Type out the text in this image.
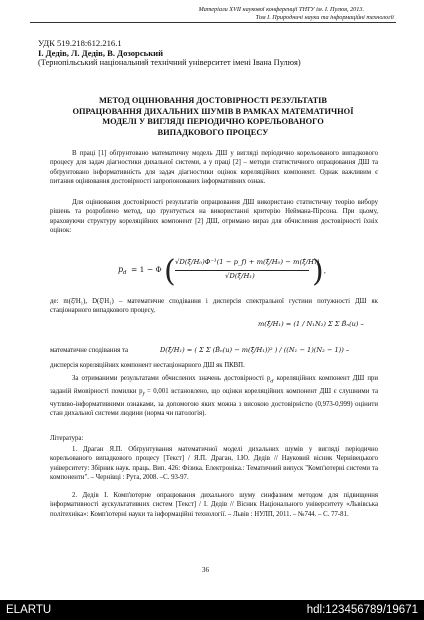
Матеріали XVII наукової конференції ТНТУ ім. І. Пулюя, 2013.
Том I. Природничі науки та інформаційні технології
УДК 519.218:612.216.1
І. Дедів, Л. Дедів, В. Дозорський
(Тернопільський національний технічний університет імені Івана Пулюя)
МЕТОД ОЦІНЮВАННЯ ДОСТОВІРНОСТІ РЕЗУЛЬТАТІВ ОПРАЦЮВАННЯ ДИХАЛЬНИХ ШУМІВ В РАМКАХ МАТЕМАТИЧНОЇ МОДЕЛІ У ВИГЛЯДІ ПЕРІОДИЧНО КОРЕЛЬОВАНОГО ВИПАДКОВОГО ПРОЦЕСУ
В праці [1] обґрунтовано математичну модель ДШ у вигляді періодично корельованого випадкового процесу для задач діагностики дихальної системи, а у праці [2] – методи статистичного опрацювання ДШ та обґрунтовано інформативність для задач діагностики оцінок кореляційних компонент. Однак важливим є питання оцінювання достовірності запропонованих інформативних ознак.
Для оцінювання достовірності результатів опрацювання ДШ використано статистичну теорію вибору рішень та розроблено метод, що ґрунтується на використанні критерію Неймана-Пірсона. При цьому, враховуючи структуру кореляційних компонент [2] ДШ, отримано вираз для обчислення достовірності їхніх оцінок:
p d = 1 − Φ ( √D(ξ̂/H₀)Φ⁻¹(1 − p_f) + m(ξ̂/H₀) − m(ξ̂/H₁)
√D(ξ̂/H₁) ) ,
де: m(ξ̂/H₁), D(ξ̂/H₁) – математичне сподівання і дисперсія спектральної густини потужності ДШ як стаціонарного випадкового процесу,
m(ξ̂/H₁) = (1 / N₁N₂) Σ Σ B̂ₙ(u) –
математичне сподівання та	D(ξ̂/H₁) = ( Σ Σ (B̂ₙ(u) − m(ξ̂/H₁))² ) / ((N₁ − 1)(N₂ − 1)) –
дисперсія кореляційних компонент нестаціонарного ДШ як ПКВП.
За отриманими результатами обчислених значень достовірності $p_d$ кореляційних компонент ДШ при заданій ймовірності помилки $p_f = 0,001$ встановлено, що оцінки кореляційних компонент ДШ є слушними та чутливо-інформативними ознаками, за допомогою яких можна з високою достовірністю (0,973-0,999) оцінити стан дихальної системи людини (норма чи патологія).
Література:
1. Драган Я.П. Обґрунтування математичної моделі дихальних шумів у вигляді періодично корельованого випадкового процесу [Текст] / Я.П. Драган, І.Ю. Дедів // Науковий вісник Чернівецького університету: Збірник наук. праць. Вип. 426: Фізика. Електроніка.: Тематичний випуск "Комп'ютерні системи та компоненти". – Чернівці : Рута, 2008. –С. 93-97.
2. Дедів І. Комп'ютерне опрацювання дихального шуму синфазним методом для підвищення інформативності аускультативних систем [Текст] / І. Дедів // Вісник Національного університету «Львівська політехніка»: Комп'ютерні науки та інформаційні технології. – Львів : НУЛП, 2011. – №744. – С. 77-81.
36
ELARTU	hdl:123456789/19671
